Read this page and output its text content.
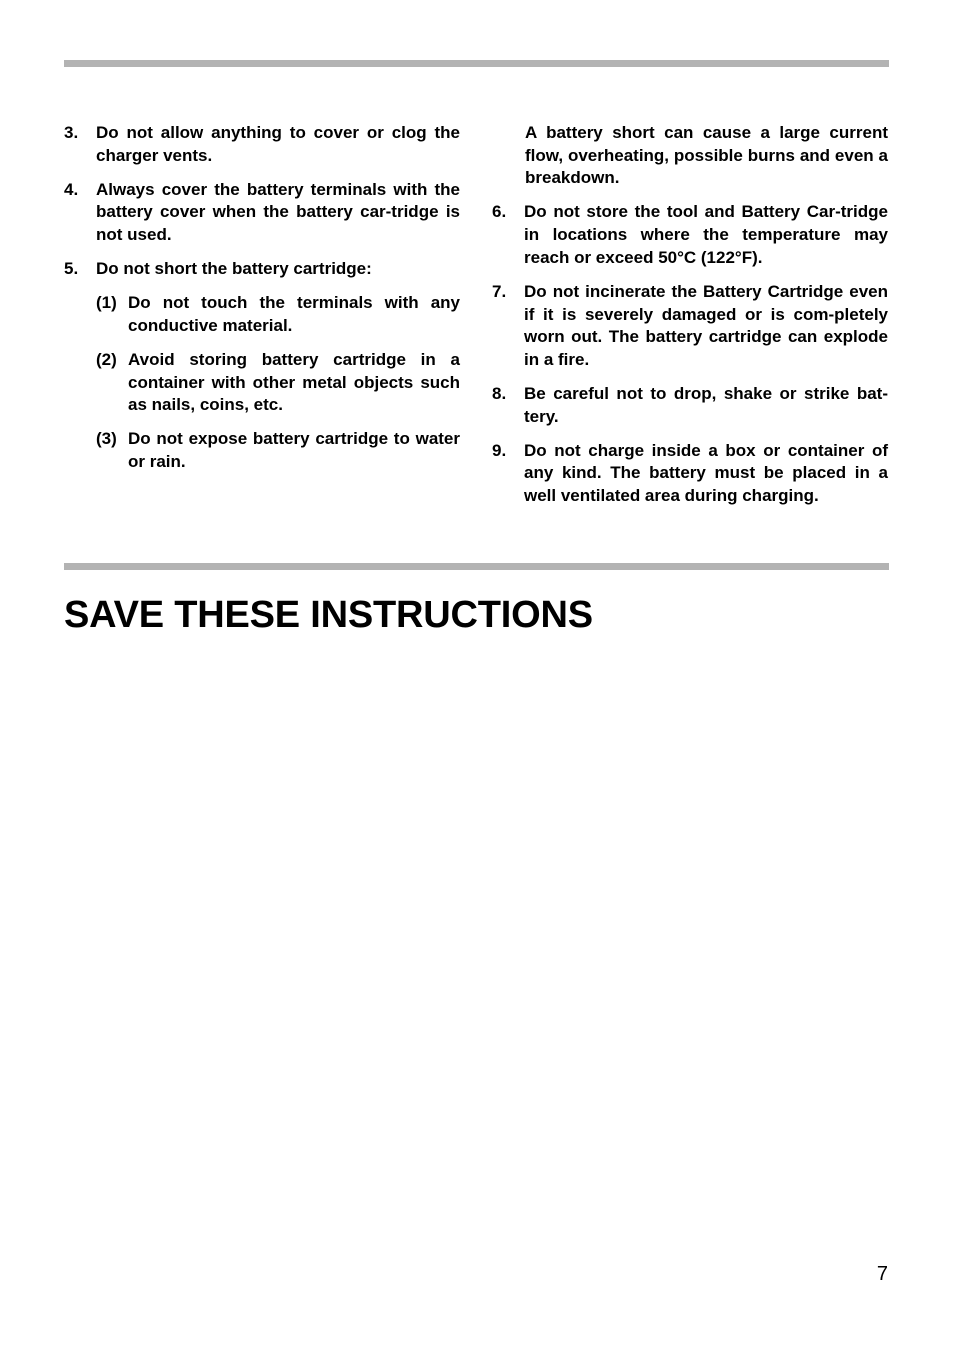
3.	Do not allow anything to cover or clog the charger vents.
4.	Always cover the battery terminals with the battery cover when the battery car-tridge is not used.
5.	Do not short the battery cartridge:
(1) Do not touch the terminals with any conductive material.
(2) Avoid storing battery cartridge in a container with other metal objects such as nails, coins, etc.
(3) Do not expose battery cartridge to water or rain.
A battery short can cause a large current flow, overheating, possible burns and even a breakdown.
6.	Do not store the tool and Battery Car-tridge in locations where the temperature may reach or exceed 50°C (122°F).
7.	Do not incinerate the Battery Cartridge even if it is severely damaged or is com-pletely worn out. The battery cartridge can explode in a fire.
8.	Be careful not to drop, shake or strike bat-tery.
9.	Do not charge inside a box or container of any kind. The battery must be placed in a well ventilated area during charging.
SAVE THESE INSTRUCTIONS
7
